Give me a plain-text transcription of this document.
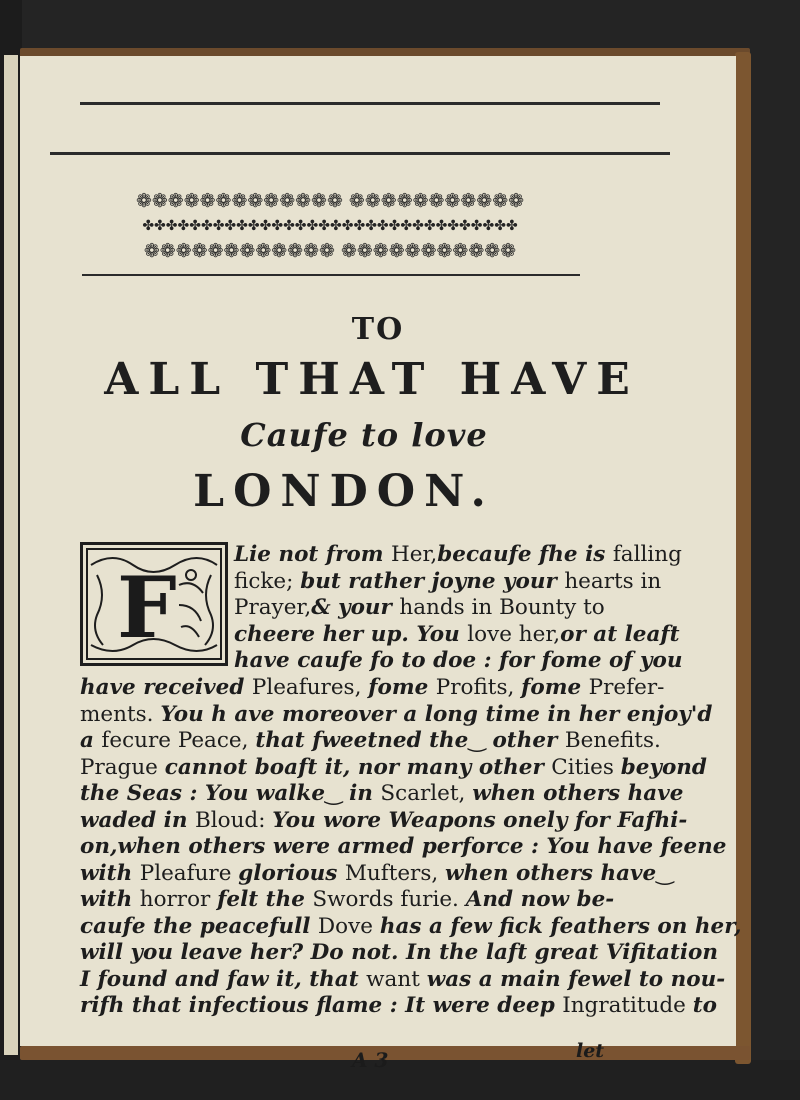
❁❁❁❁❁❁❁❁❁❁❁❁❁ ❁❁❁❁❁❁❁❁❁❁❁
✤✤✤✤✤✤✤✤✤✤✤✤✤✤✤✤✤✤✤✤✤✤✤✤✤✤✤✤✤✤✤✤
❁❁❁❁❁❁❁❁❁❁❁❁ ❁❁❁❁❁❁❁❁❁❁❁
TO
ALL THAT HAVE
Caufe to love
LONDON.
F
Lie not from Her,becaufe fhe is falling
ficke; but rather joyne your hearts in
Prayer,& your hands in Bounty to
cheere her up. You love her,or at leaft
have caufe fo to doe : for fome of you
have received Pleafures, fome Profits, fome Prefer-
ments. You h ave moreover a long time in her enjoy'd
a fecure Peace, that fweetned the‿ other Benefits.
Prague cannot boaft it, nor many other Cities beyond
the Seas : You walke‿ in Scarlet, when others have
waded in Bloud: You wore Weapons onely for Fafhi-
on,when others were armed perforce : You have feene
with Pleafure glorious Mufters, when others have‿
with horror felt the Swords furie. And now be-
caufe the peacefull Dove has a few fick feathers on her,
will you leave her? Do not. In the laft great Vifitation
I found and faw it, that want was a main fewel to nou-
rifh that infectious flame : It were deep Ingratitude to
A 3	let
